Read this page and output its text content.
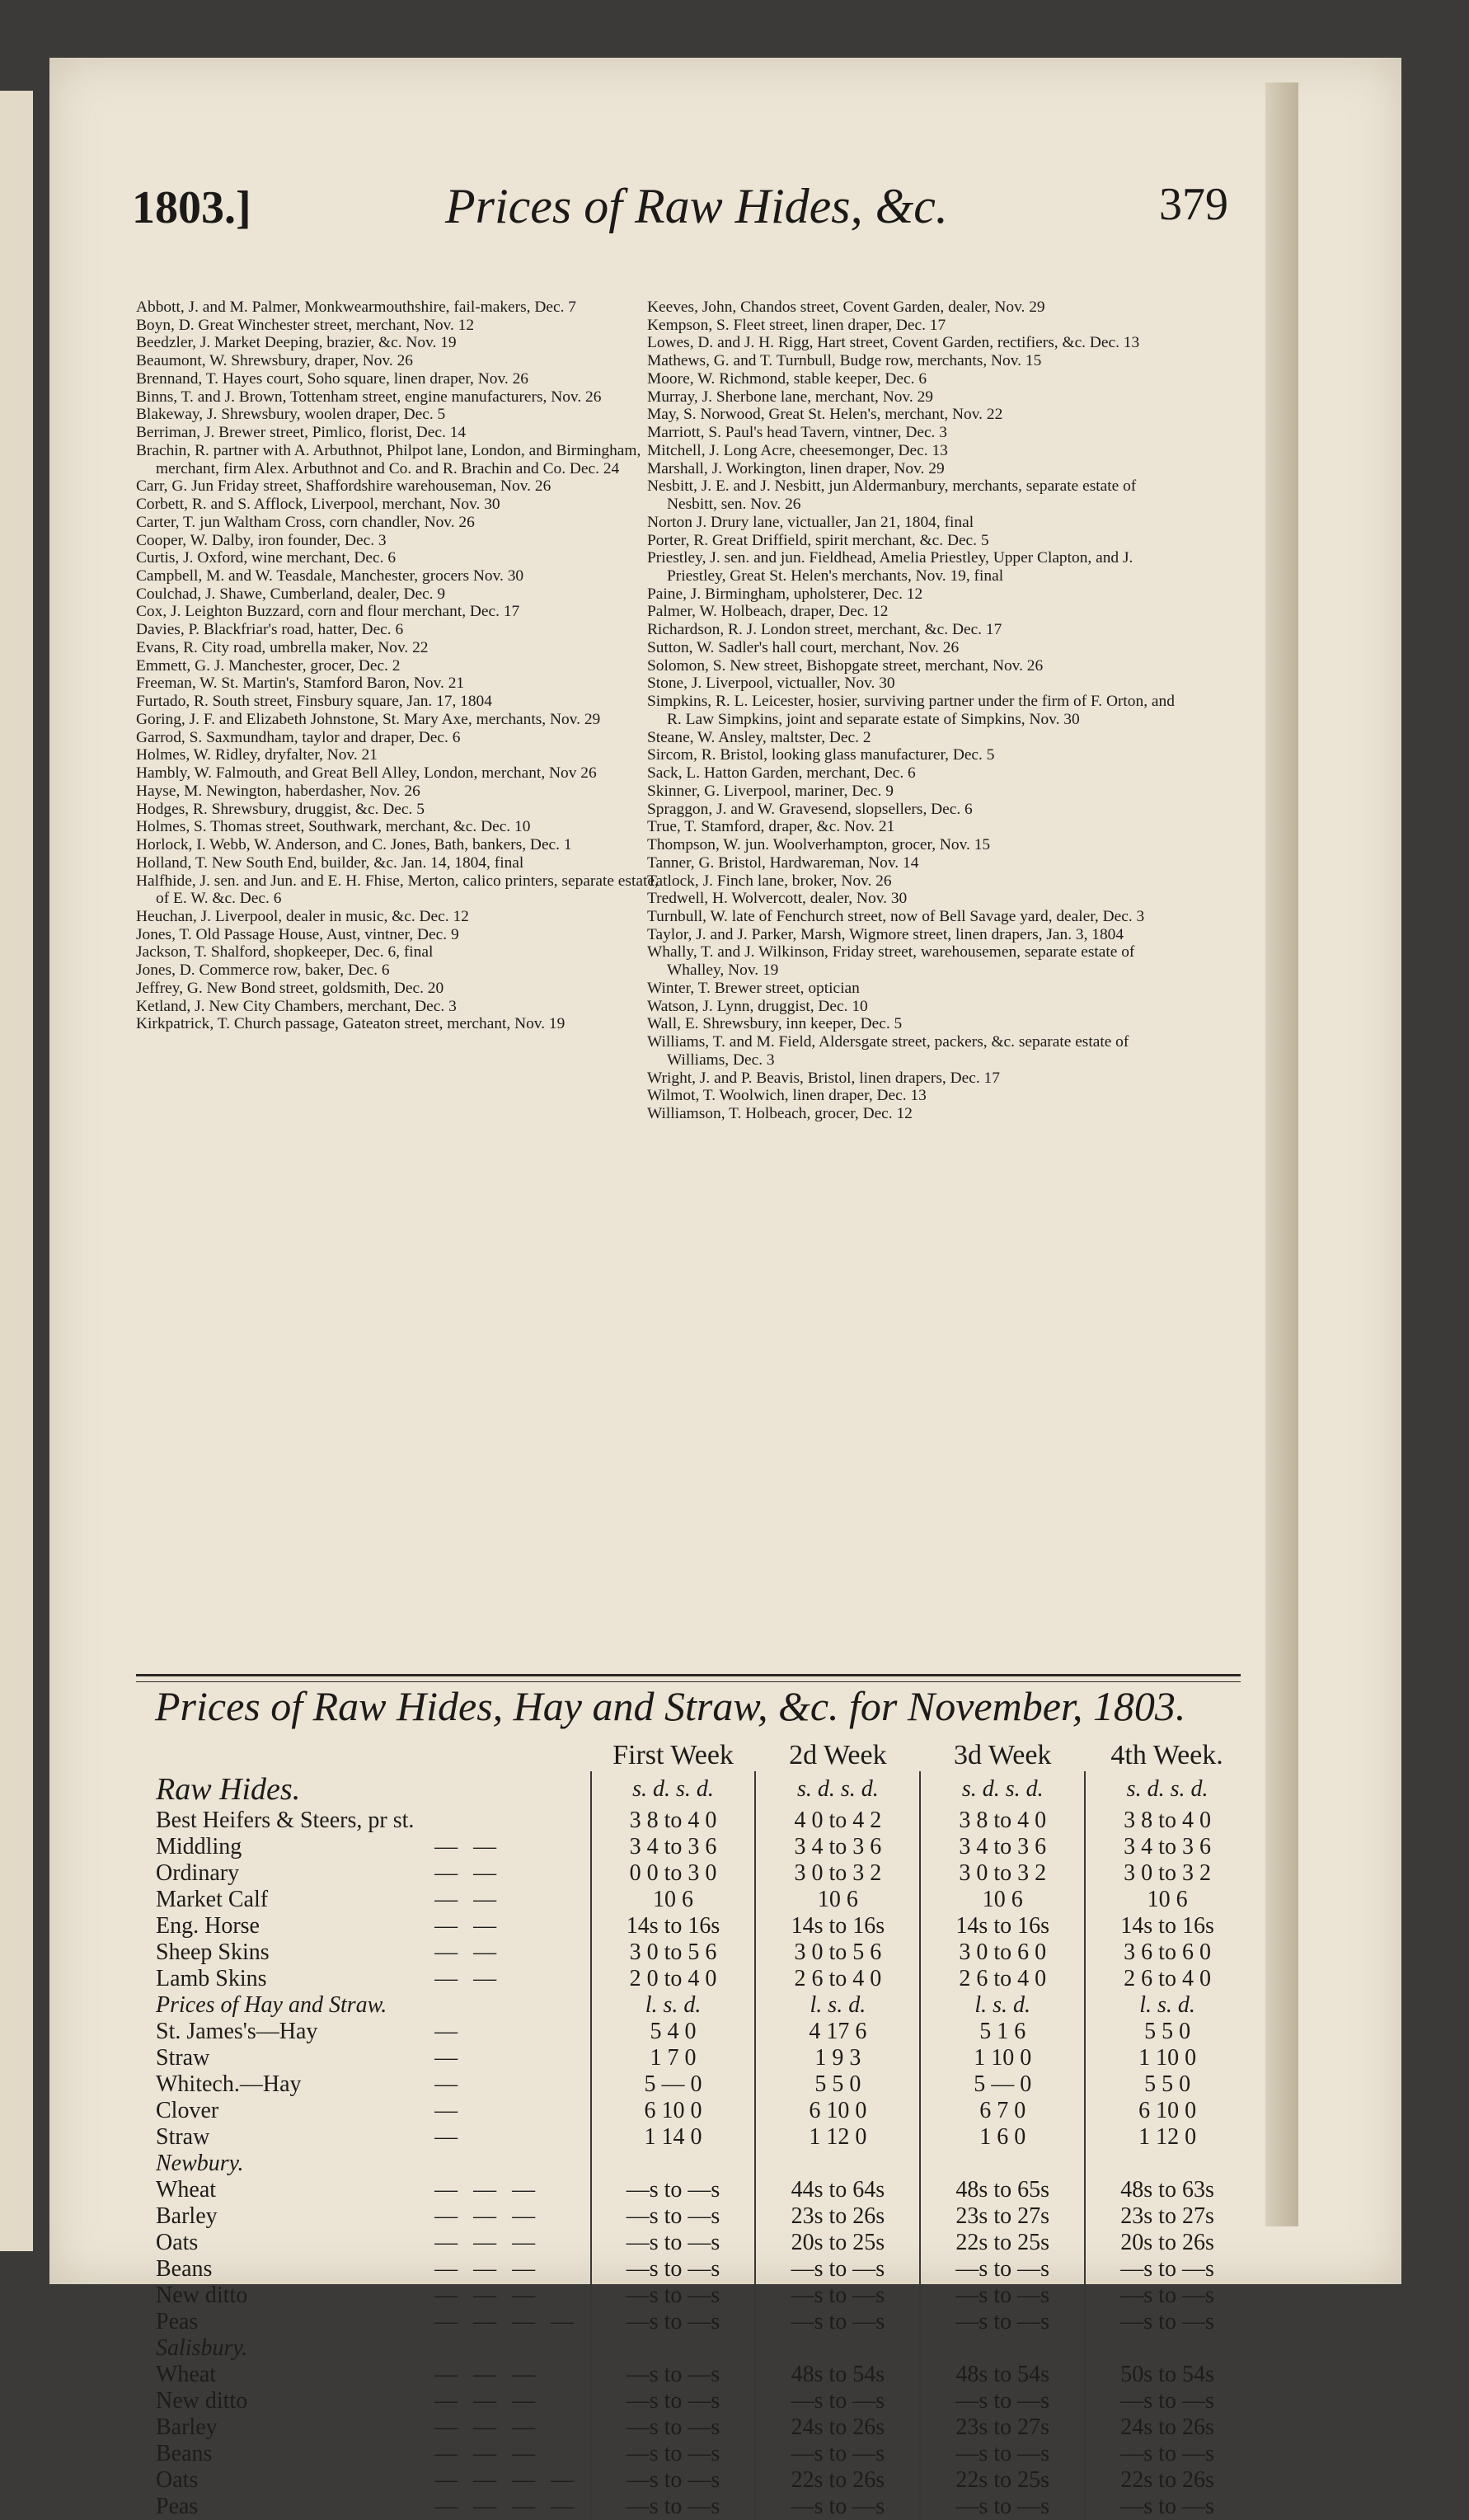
1803.]	Prices of Raw Hides, &c.	379
Abbott, J. and M. Palmer, Monkwearmouthshire, fail-makers, Dec. 7
Boyn, D. Great Winchester street, merchant, Nov. 12
Beedzler, J. Market Deeping, brazier, &c. Nov. 19
Beaumont, W. Shrewsbury, draper, Nov. 26
Brennand, T. Hayes court, Soho square, linen draper, Nov. 26
Binns, T. and J. Brown, Tottenham street, engine manufacturers, Nov. 26
Blakeway, J. Shrewsbury, woolen draper, Dec. 5
Berriman, J. Brewer street, Pimlico, florist, Dec. 14
Brachin, R. partner with A. Arbuthnot, Philpot lane, London, and Birmingham, merchant, firm Alex. Arbuthnot and Co. and R. Brachin and Co. Dec. 24
Carr, G. Jun Friday street, Shaffordshire warehouseman, Nov. 26
Corbett, R. and S. Afflock, Liverpool, merchant, Nov. 30
Carter, T. jun Waltham Cross, corn chandler, Nov. 26
Cooper, W. Dalby, iron founder, Dec. 3
Curtis, J. Oxford, wine merchant, Dec. 6
Campbell, M. and W. Teasdale, Manchester, grocers Nov. 30
Coulchad, J. Shawe, Cumberland, dealer, Dec. 9
Cox, J. Leighton Buzzard, corn and flour merchant, Dec. 17
Davies, P. Blackfriar's road, hatter, Dec. 6
Evans, R. City road, umbrella maker, Nov. 22
Emmett, G. J. Manchester, grocer, Dec. 2
Freeman, W. St. Martin's, Stamford Baron, Nov. 21
Furtado, R. South street, Finsbury square, Jan. 17, 1804
Goring, J. F. and Elizabeth Johnstone, St. Mary Axe, merchants, Nov. 29
Garrod, S. Saxmundham, taylor and draper, Dec. 6
Holmes, W. Ridley, dryfalter, Nov. 21
Hambly, W. Falmouth, and Great Bell Alley, London, merchant, Nov 26
Hayse, M. Newington, haberdasher, Nov. 26
Hodges, R. Shrewsbury, druggist, &c. Dec. 5
Holmes, S. Thomas street, Southwark, merchant, &c. Dec. 10
Horlock, I. Webb, W. Anderson, and C. Jones, Bath, bankers, Dec. 1
Holland, T. New South End, builder, &c. Jan. 14, 1804, final
Halfhide, J. sen. and Jun. and E. H. Fhise, Merton, calico printers, separate estate, of E. W. &c. Dec. 6
Heuchan, J. Liverpool, dealer in music, &c. Dec. 12
Jones, T. Old Passage House, Aust, vintner, Dec. 9
Jackson, T. Shalford, shopkeeper, Dec. 6, final
Jones, D. Commerce row, baker, Dec. 6
Jeffrey, G. New Bond street, goldsmith, Dec. 20
Ketland, J. New City Chambers, merchant, Dec. 3
Kirkpatrick, T. Church passage, Gateaton street, merchant, Nov. 19
Keeves, John, Chandos street, Covent Garden, dealer, Nov. 29
Kempson, S. Fleet street, linen draper, Dec. 17
Lowes, D. and J. H. Rigg, Hart street, Covent Garden, rectifiers, &c. Dec. 13
Mathews, G. and T. Turnbull, Budge row, merchants, Nov. 15
Moore, W. Richmond, stable keeper, Dec. 6
Murray, J. Sherbone lane, merchant, Nov. 29
May, S. Norwood, Great St. Helen's, merchant, Nov. 22
Marriott, S. Paul's head Tavern, vintner, Dec. 3
Mitchell, J. Long Acre, cheesemonger, Dec. 13
Marshall, J. Workington, linen draper, Nov. 29
Nesbitt, J. E. and J. Nesbitt, jun Aldermanbury, merchants, separate estate of Nesbitt, sen. Nov. 26
Norton J. Drury lane, victualler, Jan 21, 1804, final
Porter, R. Great Driffield, spirit merchant, &c. Dec. 5
Priestley, J. sen. and jun. Fieldhead, Amelia Priestley, Upper Clapton, and J. Priestley, Great St. Helen's merchants, Nov. 19, final
Paine, J. Birmingham, upholsterer, Dec. 12
Palmer, W. Holbeach, draper, Dec. 12
Richardson, R. J. London street, merchant, &c. Dec. 17
Sutton, W. Sadler's hall court, merchant, Nov. 26
Solomon, S. New street, Bishopgate street, merchant, Nov. 26
Stone, J. Liverpool, victualler, Nov. 30
Simpkins, R. L. Leicester, hosier, surviving partner under the firm of F. Orton, and R. Law Simpkins, joint and separate estate of Simpkins, Nov. 30
Steane, W. Ansley, maltster, Dec. 2
Sircom, R. Bristol, looking glass manufacturer, Dec. 5
Sack, L. Hatton Garden, merchant, Dec. 6
Skinner, G. Liverpool, mariner, Dec. 9
Spraggon, J. and W. Gravesend, slopsellers, Dec. 6
True, T. Stamford, draper, &c. Nov. 21
Thompson, W. jun. Woolverhampton, grocer, Nov. 15
Tanner, G. Bristol, Hardwareman, Nov. 14
Tatlock, J. Finch lane, broker, Nov. 26
Tredwell, H. Wolvercott, dealer, Nov. 30
Turnbull, W. late of Fenchurch street, now of Bell Savage yard, dealer, Dec. 3
Taylor, J. and J. Parker, Marsh, Wigmore street, linen drapers, Jan. 3, 1804
Whally, T. and J. Wilkinson, Friday street, warehousemen, separate estate of Whalley, Nov. 19
Winter, T. Brewer street, optician
Watson, J. Lynn, druggist, Dec. 10
Wall, E. Shrewsbury, inn keeper, Dec. 5
Williams, T. and M. Field, Aldersgate street, packers, &c. separate estate of Williams, Dec. 3
Wright, J. and P. Beavis, Bristol, linen drapers, Dec. 17
Wilmot, T. Woolwich, linen draper, Dec. 13
Williamson, T. Holbeach, grocer, Dec. 12
Prices of Raw Hides, Hay and Straw, &c. for November, 1803.
		First Week	2d Week	3d Week	4th Week.
Raw Hides.		s. d. s. d.	s. d. s. d.	s. d. s. d.	s. d. s. d.
Best Heifers & Steers, pr st.		3 8 to 4 0	4 0 to 4 2	3 8 to 4 0	3 8 to 4 0
Middling	— —	3 4 to 3 6	3 4 to 3 6	3 4 to 3 6	3 4 to 3 6
Ordinary	— —	0 0 to 3 0	3 0 to 3 2	3 0 to 3 2	3 0 to 3 2
Market Calf	— —	10 6	10 6	10 6	10 6
Eng. Horse	— —	14s to 16s	14s to 16s	14s to 16s	14s to 16s
Sheep Skins	— —	3 0 to 5 6	3 0 to 5 6	3 0 to 6 0	3 6 to 6 0
Lamb Skins	— —	2 0 to 4 0	2 6 to 4 0	2 6 to 4 0	2 6 to 4 0
Prices of Hay and Straw.		l. s. d.	l. s. d.	l. s. d.	l. s. d.
St. James's—Hay	—	5 4 0	4 17 6	5 1 6	5 5 0
Straw	—	1 7 0	1 9 3	1 10 0	1 10 0
Whitech.—Hay	—	5 — 0	5 5 0	5 — 0	5 5 0
Clover	—	6 10 0	6 10 0	6 7 0	6 10 0
Straw	—	1 14 0	1 12 0	1 6 0	1 12 0
Newbury.					
Wheat	— — —	—s to —s	44s to 64s	48s to 65s	48s to 63s
Barley	— — —	—s to —s	23s to 26s	23s to 27s	23s to 27s
Oats	— — —	—s to —s	20s to 25s	22s to 25s	20s to 26s
Beans	— — —	—s to —s	—s to —s	—s to —s	—s to —s
New ditto	— — —	—s to —s	—s to —s	—s to —s	—s to —s
Peas	— — — —	—s to —s	—s to —s	—s to —s	—s to —s
Salisbury.					
Wheat	— — —	—s to —s	48s to 54s	48s to 54s	50s to 54s
New ditto	— — —	—s to —s	—s to —s	—s to —s	—s to —s
Barley	— — —	—s to —s	24s to 26s	23s to 27s	24s to 26s
Beans	— — —	—s to —s	—s to —s	—s to —s	—s to —s
Oats	— — — —	—s to —s	22s to 26s	22s to 25s	22s to 26s
Peas	— — — —	—s to —s	—s to —s	—s to —s	—s to —s
